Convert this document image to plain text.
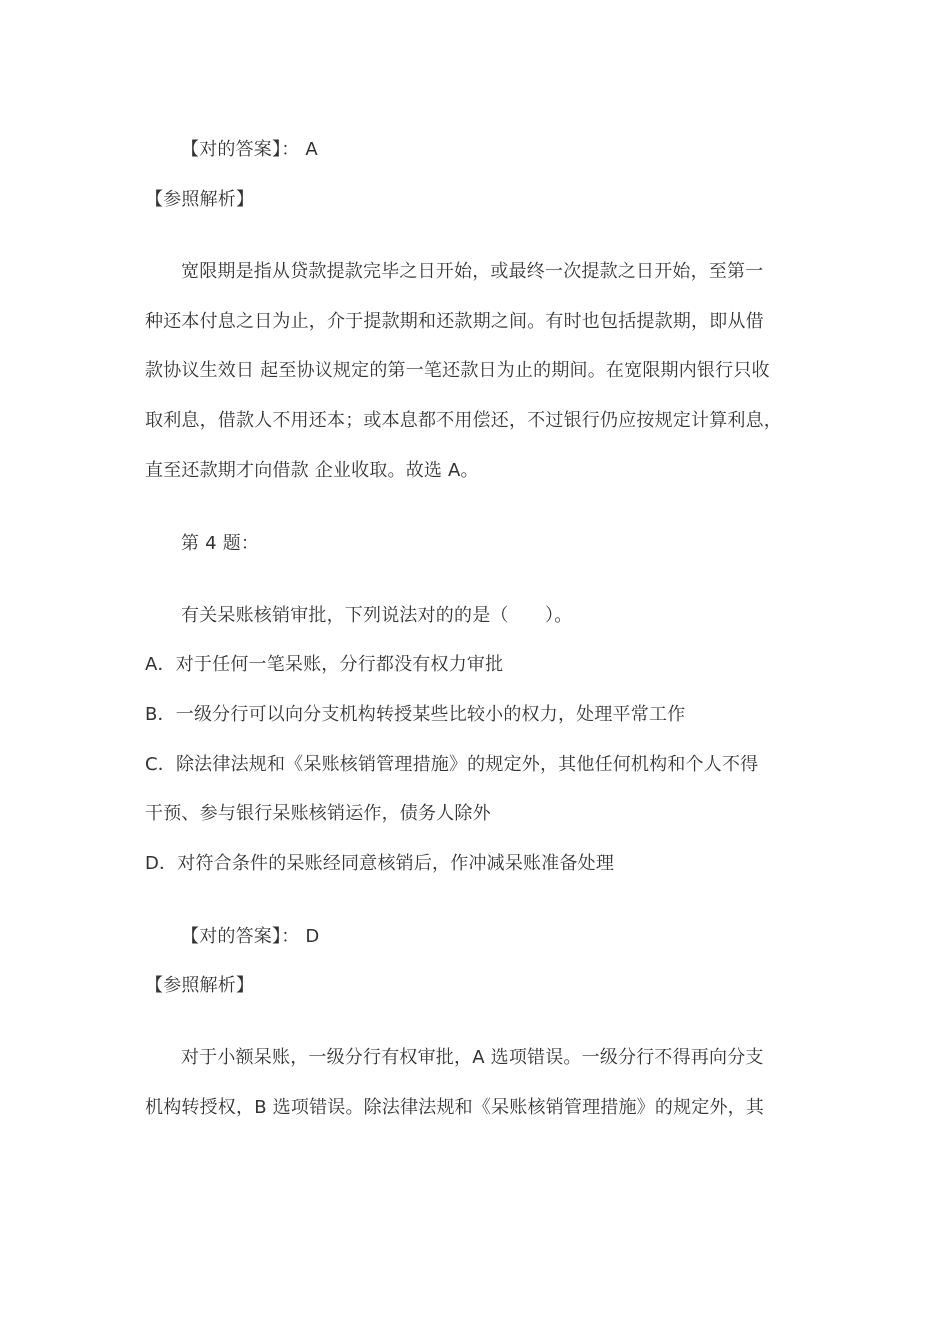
【对的答案】： A
【参照解析】
宽限期是指从贷款提款完毕之日开始，或最终一次提款之日开始，至第一
种还本付息之日为止，介于提款期和还款期之间。有时也包括提款期，即从借
款协议生效日 起至协议规定的第一笔还款日为止的期间。在宽限期内银行只收
取利息，借款人不用还本；或本息都不用偿还，不过银行仍应按规定计算利息，
直至还款期才向借款 企业收取。故选 A。
第 4 题：
有关呆账核销审批，下列说法对的的是（　　）。
A．对于任何一笔呆账，分行都没有权力审批
B．一级分行可以向分支机构转授某些比较小的权力，处理平常工作
C．除法律法规和《呆账核销管理措施》的规定外，其他任何机构和个人不得
干预、参与银行呆账核销运作，债务人除外
D．对符合条件的呆账经同意核销后，作冲减呆账准备处理
【对的答案】： D
【参照解析】
对于小额呆账，一级分行有权审批，A 选项错误。一级分行不得再向分支
机构转授权，B 选项错误。除法律法规和《呆账核销管理措施》的规定外，其
